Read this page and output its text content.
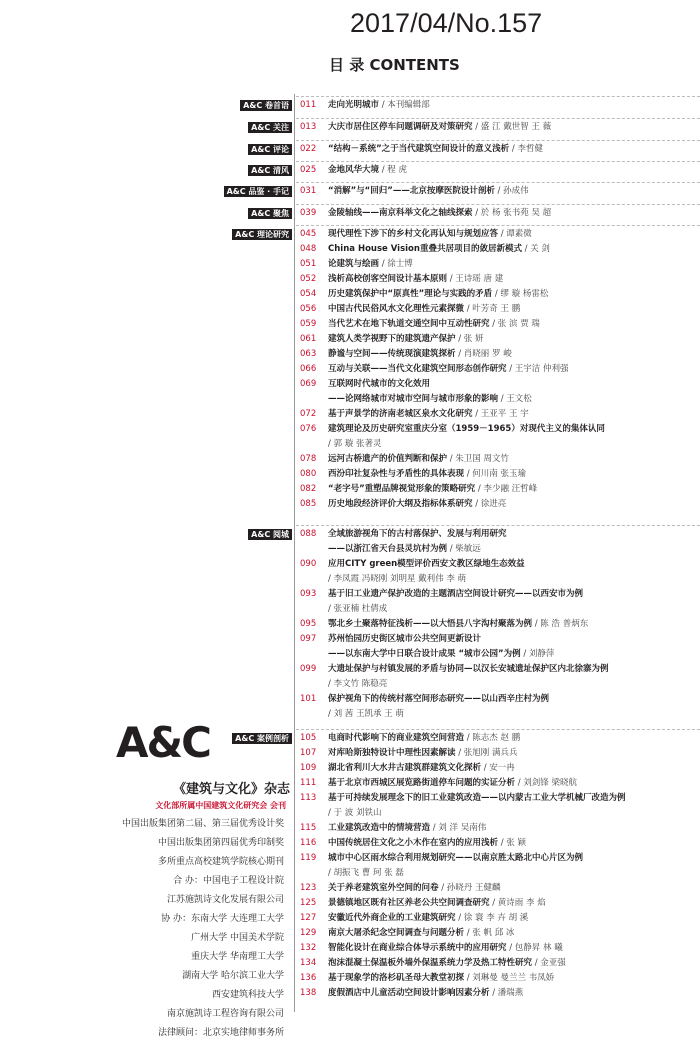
2017/04/No.157
目 录 CONTENTS
A&C 卷首语	011	走向光明城市 / 本刊编辑部
A&C 关注	013	大庆市居住区停车问题调研及对策研究 / 盛 江 戴世智 王 薇
A&C 评论	022	“结构－系统”之于当代建筑空间设计的意义浅析 / 李哲健
A&C 清风	025	金地风华大境 / 程 虎
A&C 品鉴 · 手记	031	“消解”与“回归”——北京按摩医院设计剖析 / 孙成伟
A&C 聚焦	039	金陵轴线——南京科举文化之轴线探索 / 於 杨 张书苑 吴 超
A&C 理论研究	045	现代理性下涉下的乡村文化再认知与规划应答 / 谭素微
048	China House Vision重叠共居项目的敛居新模式 / 关 剑
051	论建筑与绘画 / 徐士博
052	浅析高校创客空间设计基本原则 / 王诗瑶 唐 建
054	历史建筑保护中“原真性”理论与实践的矛盾 / 缪 璇 杨雷松
056	中国古代民俗风水文化理性元素探微 / 叶芳奇 王 鹏
059	当代艺术在地下轨道交通空间中互动性研究 / 张 滨 贾 瑞
061	建筑人类学视野下的建筑遗产保护 / 张 妍
063	静谧与空间——传统现演建筑探析 / 肖晓丽 罗 峻
066	互动与关联——当代文化建筑空间形态创作研究 / 王宇洁 仲利强
069	互联网时代城市的文化效用
——论网络城市对城市空间与城市形象的影响 / 王文松
072	基于声景学的济南老城区泉水文化研究 / 王亚平 王 宇
076	建筑理论及历史研究室重庆分室（1959－1965）对现代主义的集体认同
/ 郭 璇 张著灵
078	远河古桥遗产的价值判断和保护 / 朱卫国 周文竹
080	西汾印社复杂性与矛盾性的具体表现 / 何川南 张玉瑜
082	“老字号”重塑品牌视觉形象的策略研究 / 李少融 汪哲峰
085	历史地段经济评价大纲及指标体系研究 / 徐进亮
A&C 阅城	088	全域旅游视角下的古村落保护、发展与利用研究
——以浙江省天台县灵坑村为例 / 柴敏远
090	应用CITY green模型评价西安文教区绿地生态效益
/ 李凤霞 冯晓刚 刘明星 戴利伟 李 萌
093	基于旧工业遗产保护改造的主题酒店空间设计研究——以西安市为例
/ 张亚楠 杜倩成
095	鄂北乡土聚落特征浅析——以大悟县八字沟村聚落为例 / 陈 浩 普炳东
097	苏州怡园历史街区城市公共空间更新设计
——以东南大学中日联合设计成果 “城市公园”为例 / 刘静萍
099	大遗址保护与村镇发展的矛盾与协同—以汉长安城遗址保护区内北徐寨为例
/ 李文竹 陈稳亮
101	保护视角下的传统村落空间形态研究——以山西辛庄村为例
/ 刘 茜 王凯承 王 萌
A&C 案例剖析	105	电商时代影响下的商业建筑空间营造 / 陈志杰 赵 鹏
107	对库哈斯独特设计中理性因素解读 / 张旭刚 满兵兵
109	湖北省利川大水井古建筑群建筑文化探析 / 安一冉
111	基于北京市西城区展览路街道停车问题的实证分析 / 刘剑锋 梁晓航
113	基于可持续发展理念下的旧工业建筑改造——以内蒙古工业大学机械厂改造为例
/ 于 波 刘铁山
115	工业建筑改造中的情境营造 / 刘 洋 吴南伟
116	中国传统居住文化之小木作在室内的应用浅析 / 张 颖
119	城市中心区雨水综合利用规划研究——以南京胜太路北中心片区为例
/ 胡振飞 曹 珂 张 磊
123	关于养老建筑室外空间的问卷 / 孙晓丹 王健麟
125	景德镇地区既有社区养老公共空间调查研究 / 黄诗雨 李 焰
127	安徽近代外商企业的工业建筑研究 / 徐 寰 李 卉 胡 溪
129	南京大屠杀纪念空间调查与问题分析 / 张 帆 邱 冰
132	智能化设计在商业综合体导示系统中的应用研究 / 包静昇 林 曦
134	泡沫混凝土保温板外墙外保温系统力学及热工特性研究 / 金亚强
136	基于现象学的洛杉矶圣母大教堂初探 / 刘琳曼 曼兰兰 韦凤娇
138	度假酒店中儿童活动空间设计影响因素分析 / 潘瑞燕
A&C
《建筑与文化》杂志
文化部所属中国建筑文化研究会 会刊
中国出版集团第二届、第三届优秀设计奖
中国出版集团第四届优秀印制奖
多所重点高校建筑学院核心期刊
合 办：中国电子工程设计院
江苏施凯诗文化发展有限公司
协 办：东南大学 大连理工大学
广州大学 中国美术学院
重庆大学 华南理工大学
湖南大学 哈尔滨工业大学
西安建筑科技大学
南京施凯诗工程咨询有限公司
法律顾问：北京实地律师事务所
